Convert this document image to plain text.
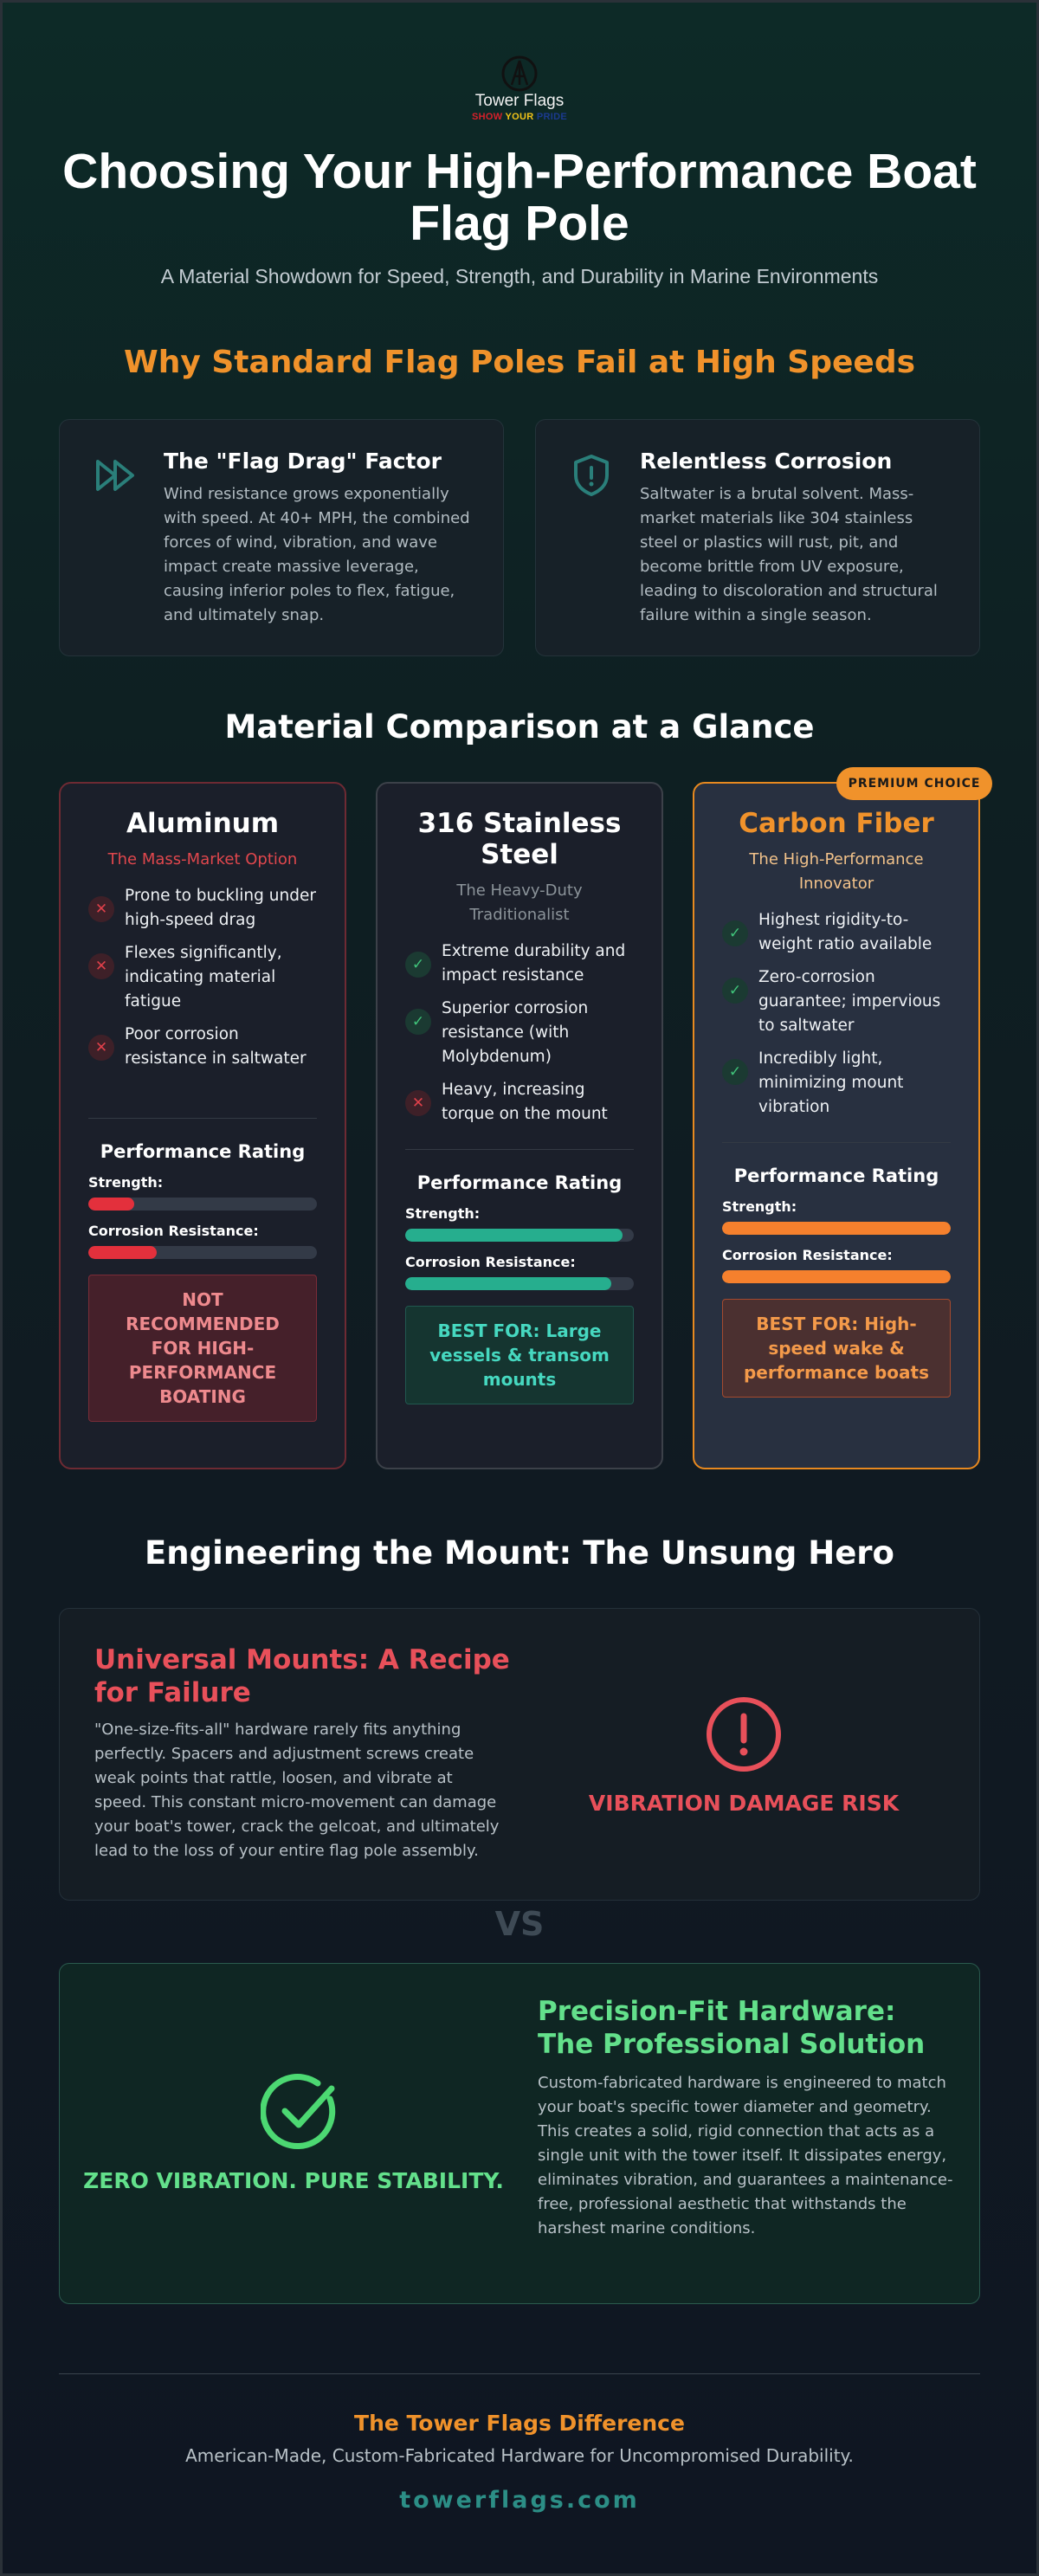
Tower Flags
SHOW YOUR PRIDE
Choosing Your High-Performance Boat Flag Pole
A Material Showdown for Speed, Strength, and Durability in Marine Environments
Why Standard Flag Poles Fail at High Speeds
The "Flag Drag" Factor

Wind resistance grows exponentially with speed. At 40+ MPH, the combined forces of wind, vibration, and wave impact create massive leverage, causing inferior poles to flex, fatigue, and ultimately snap.

Relentless Corrosion

Saltwater is a brutal solvent. Mass-market materials like 304 stainless steel or plastics will rust, pit, and become brittle from UV exposure, leading to discoloration and structural failure within a single season.

Material Comparison at a Glance
Aluminum
The Mass-Market Option
✕
Prone to buckling under high-speed drag
✕
Flexes significantly, indicating material fatigue
✕
Poor corrosion resistance in saltwater
Performance Rating
Strength:
Corrosion Resistance:
NOT RECOMMENDED FOR HIGH-PERFORMANCE BOATING
316 Stainless Steel
The Heavy-Duty Traditionalist
✓
Extreme durability and impact resistance
✓
Superior corrosion resistance (with Molybdenum)
✕
Heavy, increasing torque on the mount
Performance Rating
Strength:
Corrosion Resistance:
BEST FOR: Large vessels & transom mounts
Carbon Fiber
The High-Performance Innovator
✓
Highest rigidity-to-weight ratio available
✓
Zero-corrosion guarantee; impervious to saltwater
✓
Incredibly light, minimizing mount vibration
Performance Rating
Strength:
Corrosion Resistance:
BEST FOR: High-speed wake & performance boats
PREMIUM CHOICE
Engineering the Mount: The Unsung Hero
Universal Mounts: A Recipe for Failure

"One-size-fits-all" hardware rarely fits anything perfectly. Spacers and adjustment screws create weak points that rattle, loosen, and vibrate at speed. This constant micro-movement can damage your boat's tower, crack the gelcoat, and ultimately lead to the loss of your entire flag pole assembly.

VIBRATION DAMAGE RISK
VS
ZERO VIBRATION. PURE STABILITY.
Precision-Fit Hardware: The Professional Solution

Custom-fabricated hardware is engineered to match your boat's specific tower diameter and geometry. This creates a solid, rigid connection that acts as a single unit with the tower itself. It dissipates energy, eliminates vibration, and guarantees a maintenance-free, professional aesthetic that withstands the harshest marine conditions.

The Tower Flags Difference
American-Made, Custom-Fabricated Hardware for Uncompromised Durability.
towerflags.com
